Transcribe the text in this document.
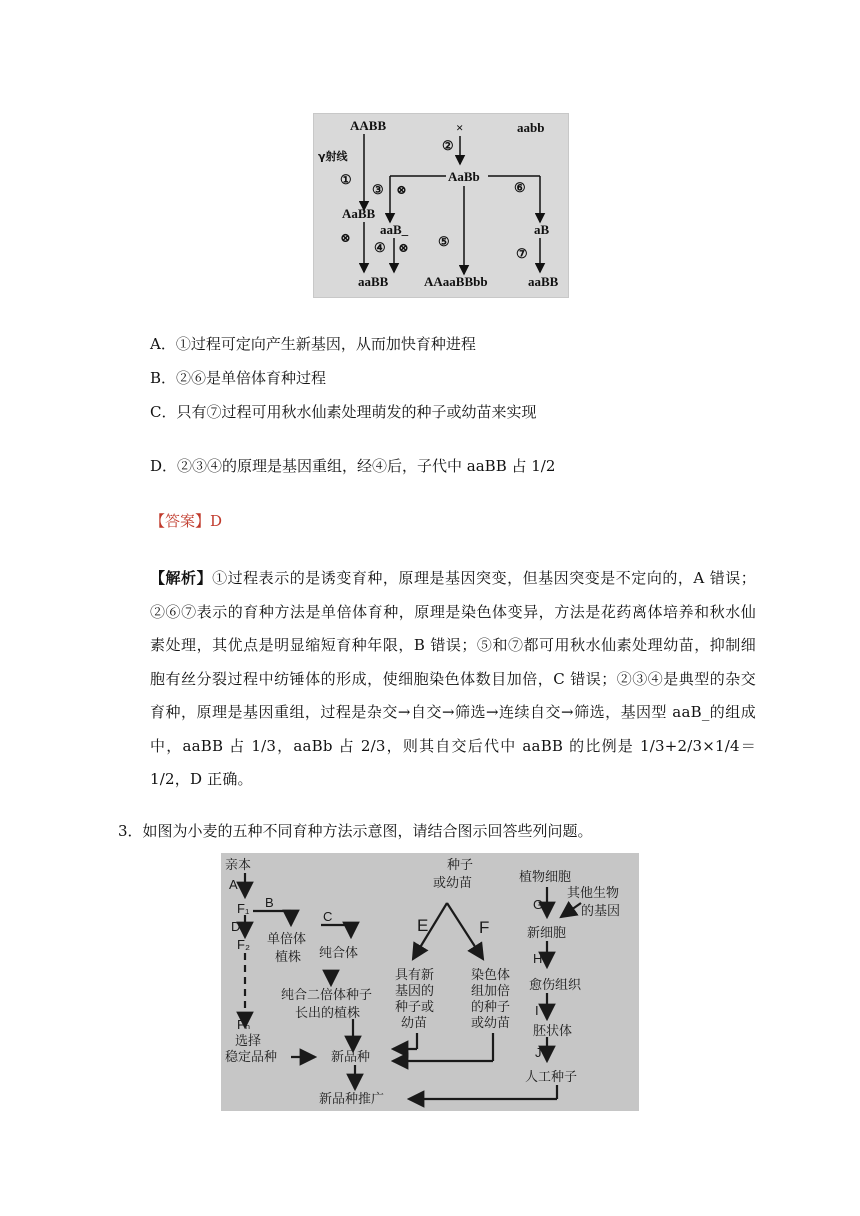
AABB	×	aabb
γ射线
②
①	AaBb
⑥
③ ⊗
AaBB
aaB_	aB
⊗
④ ⊗ ⑤
⑦
aaBB	AAaaBBbb	aaBB
A．①过程可定向产生新基因，从而加快育种进程
B．②⑥是单倍体育种过程
C．只有⑦过程可用秋水仙素处理萌发的种子或幼苗来实现
D．②③④的原理是基因重组，经④后，子代中 aaBB 占 1/2
【答案】D
【解析】①过程表示的是诱变育种，原理是基因突变，但基因突变是不定向的，A 错误；②⑥⑦表示的育种方法是单倍体育种，原理是染色体变异，方法是花药离体培养和秋水仙素处理，其优点是明显缩短育种年限，B 错误；⑤和⑦都可用秋水仙素处理幼苗，抑制细胞有丝分裂过程中纺锤体的形成，使细胞染色体数目加倍，C 错误；②③④是典型的杂交育种，原理是基因重组，过程是杂交→自交→筛选→连续自交→筛选，基因型 aaB_的组成中，aaBB 占 1/3，aaBb 占 2/3，则其自交后代中 aaBB 的比例是 1/3+2/3×1/4＝1/2，D 正确。
3．如图为小麦的五种不同育种方法示意图，请结合图示回答些列问题。
亲本
A
F₁ B
C
D
F₂ 单倍体
植株 纯合体
纯合二倍体种子
长出的植株
Fₙ
选择
稳定品种
种子
或幼苗
E	F
具有新
基因的
种子或
幼苗
染色体
组加倍
的种子
或幼苗
新品种
新品种推广
植物细胞
G
其他生物
的基因
新细胞
H
愈伤组织
I
胚状体
J
人工种子
